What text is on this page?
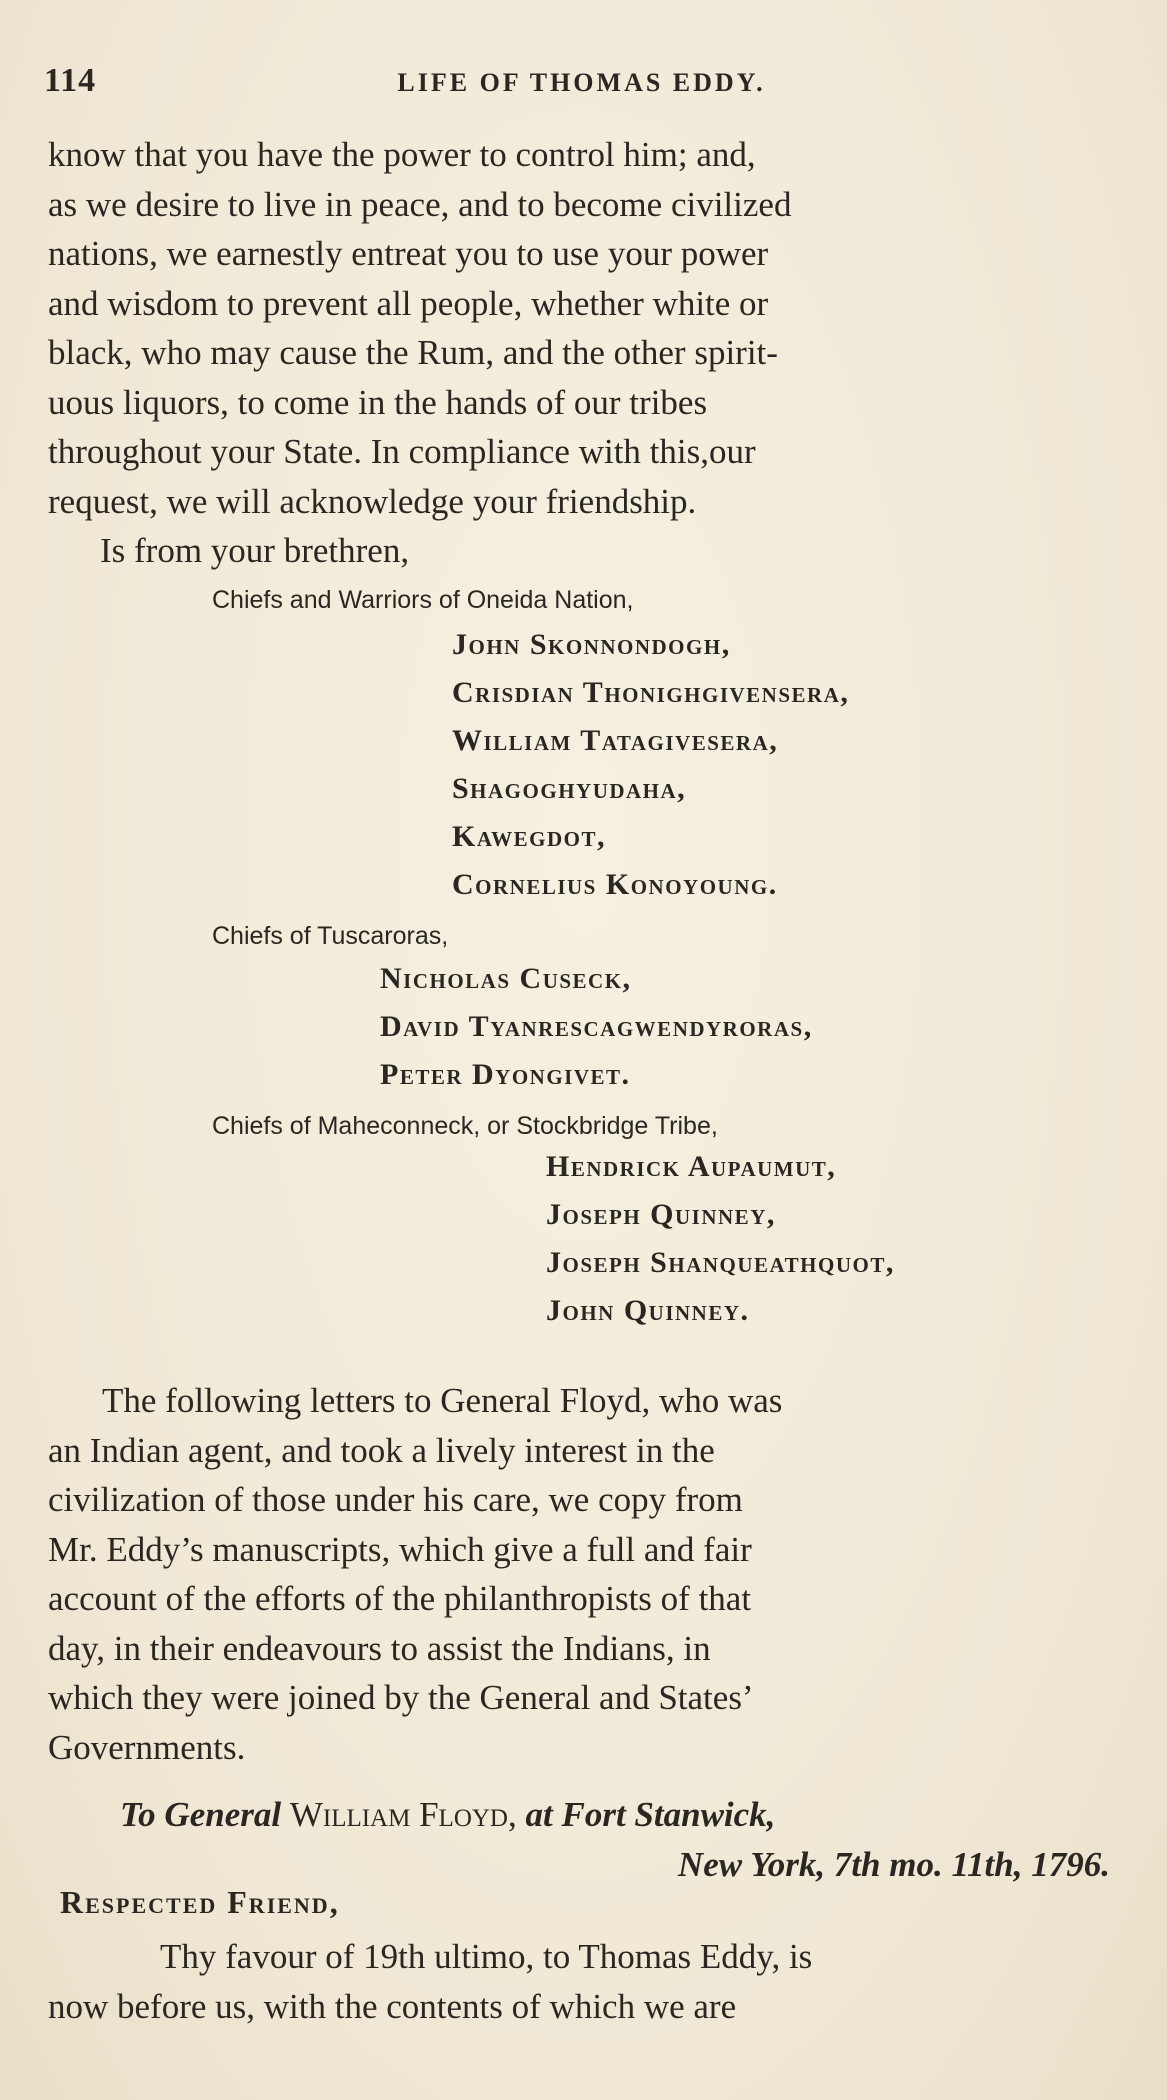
114	LIFE OF THOMAS EDDY.
know that you have the power to control him; and,
as we desire to live in peace, and to become civilized
nations, we earnestly entreat you to use your power
and wisdom to prevent all people, whether white or
black, who may cause the Rum, and the other spirit-
uous liquors, to come in the hands of our tribes
throughout your State. In compliance with this,our
request, we will acknowledge your friendship.
Is from your brethren,
Chiefs and Warriors of Oneida Nation,
John Skonnondogh,
Crisdian Thonighgivensera,
William Tatagivesera,
Shagoghyudaha,
Kawegdot,
Cornelius Konoyoung.
Chiefs of Tuscaroras,
Nicholas Cuseck,
David Tyanrescagwendyroras,
Peter Dyongivet.
Chiefs of Maheconneck, or Stockbridge Tribe,
Hendrick Aupaumut,
Joseph Quinney,
Joseph Shanqueathquot,
John Quinney.
The following letters to General Floyd, who was
an Indian agent, and took a lively interest in the
civilization of those under his care, we copy from
Mr. Eddy’s manuscripts, which give a full and fair
account of the efforts of the philanthropists of that
day, in their endeavours to assist the Indians, in
which they were joined by the General and States’
Governments.
To General William Floyd, at Fort Stanwick,
New York, 7th mo. 11th, 1796.
Respected Friend,
Thy favour of 19th ultimo, to Thomas Eddy, is
now before us, with the contents of which we are
